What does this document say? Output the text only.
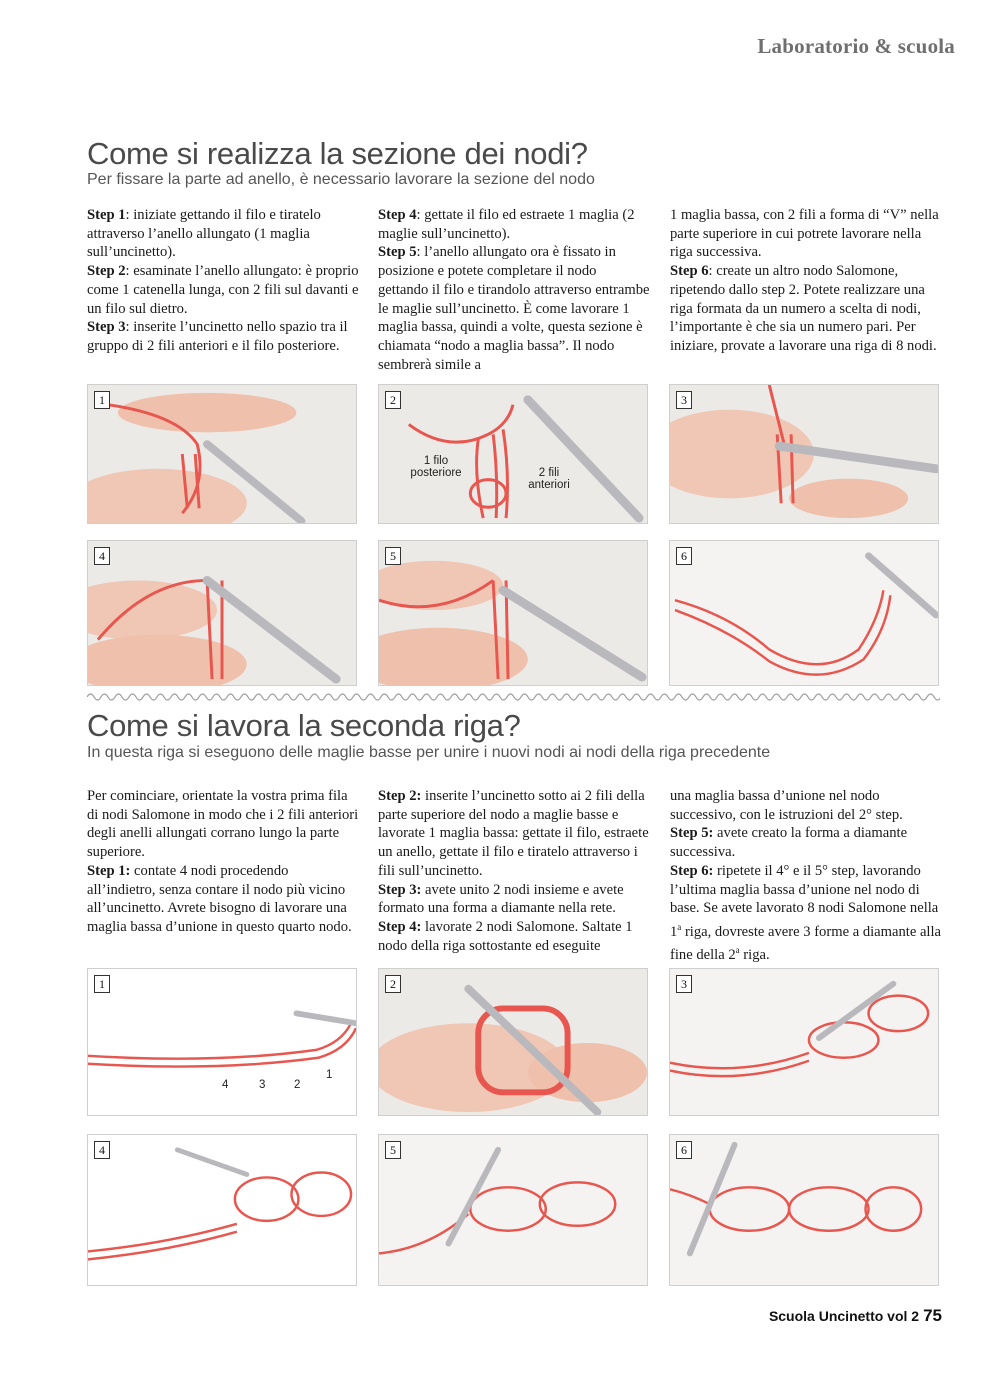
Laboratorio & scuola
Come si realizza la sezione dei nodi?
Per fissare la parte ad anello, è necessario lavorare la sezione del nodo

Step 1: iniziate gettando il filo e tiratelo attraverso l’anello allungato (1 maglia sull’uncinetto).

Step 2: esaminate l’anello allungato: è proprio come 1 catenella lunga, con 2 fili sul davanti e un filo sul dietro.

Step 3: inserite l’uncinetto nello spazio tra il gruppo di 2 fili anteriori e il filo posteriore.

Step 4: gettate il filo ed estraete 1 maglia (2 maglie sull’uncinetto).

Step 5: l’anello allungato ora è fissato in posizione e potete completare il nodo gettando il filo e tirandolo attraverso entrambe le maglie sull’uncinetto. È come lavorare 1 maglia bassa, quindi a volte, questa sezione è chiamata “nodo a maglia bassa”. Il nodo sembrerà simile a

1 maglia bassa, con 2 fili a forma di “V” nella parte superiore in cui potrete lavorare nella riga successiva.

Step 6: create un altro nodo Salomone, ripetendo dallo step 2. Potete realizzare una riga formata da un numero a scelta di nodi, l’importante è che sia un numero pari. Per iniziare, provate a lavorare una riga di 8 nodi.

1	2
1 filo posteriore	2 fili anteriori
3
4	5	6
Come si lavora la seconda riga?
In questa riga si eseguono delle maglie basse per unire i nuovi nodi ai nodi della riga precedente

Per cominciare, orientate la vostra prima fila di nodi Salomone in modo che i 2 fili anteriori degli anelli allungati corrano lungo la parte superiore.

Step 1: contate 4 nodi procedendo all’indietro, senza contare il nodo più vicino all’uncinetto. Avrete bisogno di lavorare una maglia bassa d’unione in questo quarto nodo.

Step 2: inserite l’uncinetto sotto ai 2 fili della parte superiore del nodo a maglie basse e lavorate 1 maglia bassa: gettate il filo, estraete un anello, gettate il filo e tiratelo attraverso i fili sull’uncinetto.

Step 3: avete unito 2 nodi insieme e avete formato una forma a diamante nella rete.

Step 4: lavorate 2 nodi Salomone. Saltate 1 nodo della riga sottostante ed eseguite

una maglia bassa d’unione nel nodo successivo, con le istruzioni del 2° step.

Step 5: avete creato la forma a diamante successiva.

Step 6: ripetete il 4° e il 5° step, lavorando l’ultima maglia bassa d’unione nel nodo di base. Se avete lavorato 8 nodi Salomone nella 1$^a$ riga, dovreste avere 3 forme a diamante alla fine della 2$^a$ riga.

1
4	3 2
1
2	3
4	5	6
Scuola Uncinetto vol 2 75
